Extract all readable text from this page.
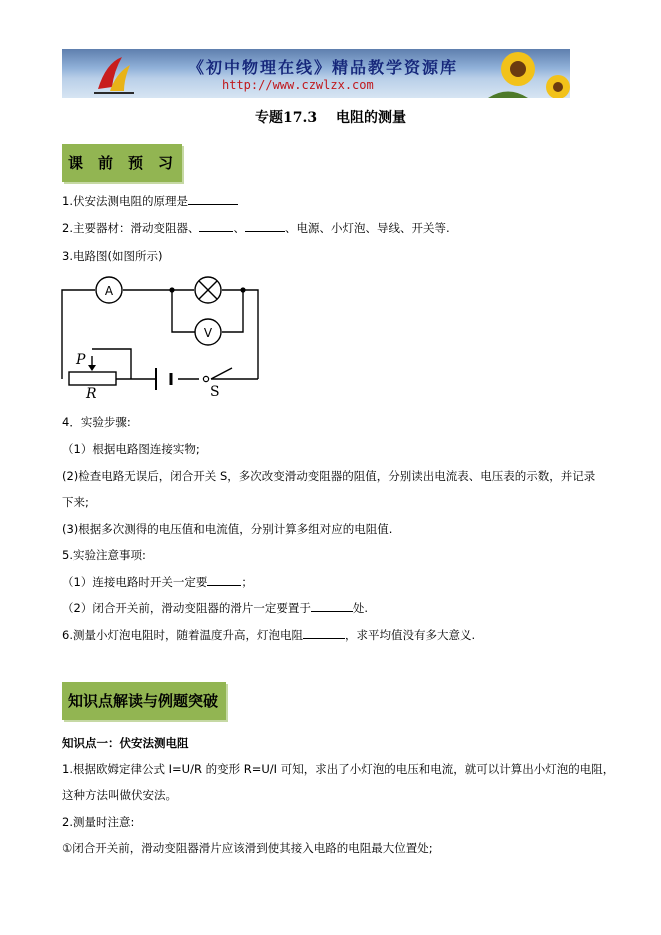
《初中物理在线》精品教学资源库
http://www.czwlzx.com
专题17.3　 电阻的测量
课　前　预　习
1.伏安法测电阻的原理是
2.主要器材：滑动变阻器、	、	、电源、小灯泡、导线、开关等.
3.电路图(如图所示)
A
V
P
R	S
4．实验步骤:
（1）根据电路图连接实物;
(2)检查电路无误后，闭合开关 S，多次改变滑动变阻器的阻值，分别读出电流表、电压表的示数，并记录
下来;
(3)根据多次测得的电压值和电流值，分别计算多组对应的电阻值.
5.实验注意事项:
（1）连接电路时开关一定要	；
（2）闭合开关前，滑动变阻器的滑片一定要置于	处.
6.测量小灯泡电阻时，随着温度升高，灯泡电阻	，求平均值没有多大意义.
知识点解读与例题突破
知识点一：伏安法测电阻
1.根据欧姆定律公式 I=U/R 的变形 R=U/I 可知，求出了小灯泡的电压和电流，就可以计算出小灯泡的电阻，
这种方法叫做伏安法。
2.测量时注意:
①闭合开关前，滑动变阻器滑片应该滑到使其接入电路的电阻最大位置处;
